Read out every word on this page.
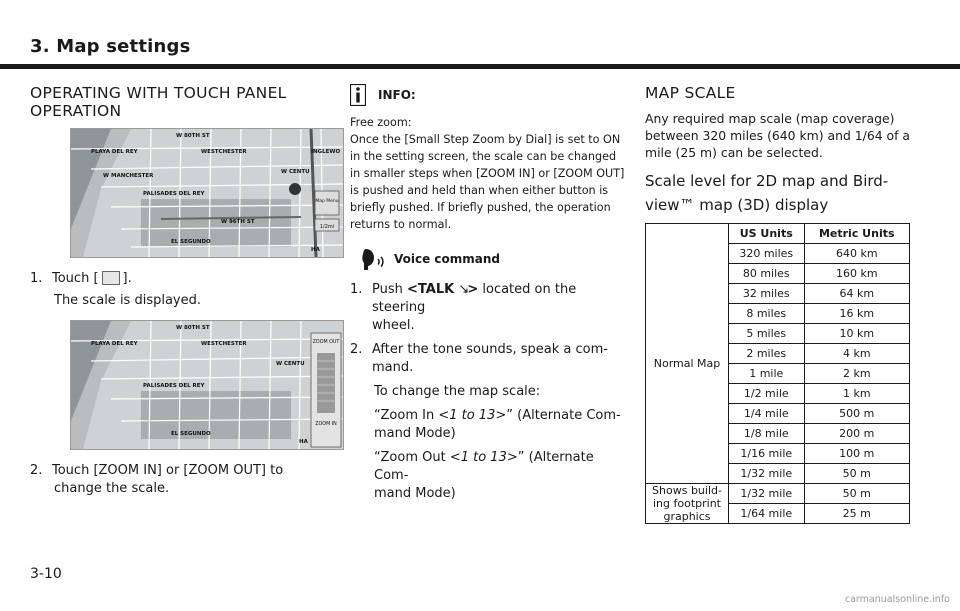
3. Map settings
OPERATING WITH TOUCH PANEL
OPERATION
Map Menu
1/2mi
W 80TH ST
PLAYA DEL REY	WESTCHESTER	INGLEWO
PALISADES DEL REY
W MANCHESTER
W CENTU
W 96TH ST
EL SEGUNDO
HA
1. Touch [ ].
The scale is displayed.
ZOOM OUT
ZOOM IN
PLAYA DEL REY
W 80TH ST
WESTCHESTER
PALISADES DEL REY
W CENTU
EL SEGUNDO
HA
2. Touch [ZOOM IN] or [ZOOM OUT] to
change the scale.
INFO:
Free zoom:
Once the [Small Step Zoom by Dial] is set to ON
in the setting screen, the scale can be changed
in smaller steps when [ZOOM IN] or [ZOOM OUT]
is pushed and held than when either button is
briefly pushed. If briefly pushed, the operation
returns to normal.
Voice command
1. Push <TALK ↘> located on the steering
wheel.
2. After the tone sounds, speak a com-
mand.
To change the map scale:
“Zoom In <1 to 13>” (Alternate Com-
mand Mode)
“Zoom Out <1 to 13>” (Alternate Com-
mand Mode)
MAP SCALE
Any required map scale (map coverage)
between 320 miles (640 km) and 1/64 of a
mile (25 m) can be selected.
Scale level for 2D map and Bird-
view™ map (3D) display
	US Units	Metric Units
Normal Map	320 miles	640 km
	80 miles	160 km
	32 miles	64 km
	8 miles	16 km
	5 miles	10 km
	2 miles	4 km
	1 mile	2 km
	1/2 mile	1 km
	1/4 mile	500 m
	1/8 mile	200 m
	1/16 mile	100 m
	1/32 mile	50 m

Shows build-
ing footprint
graphics	1/32 mile	50 m
	1/64 mile	25 m
3-10
carmanualsonline.info
